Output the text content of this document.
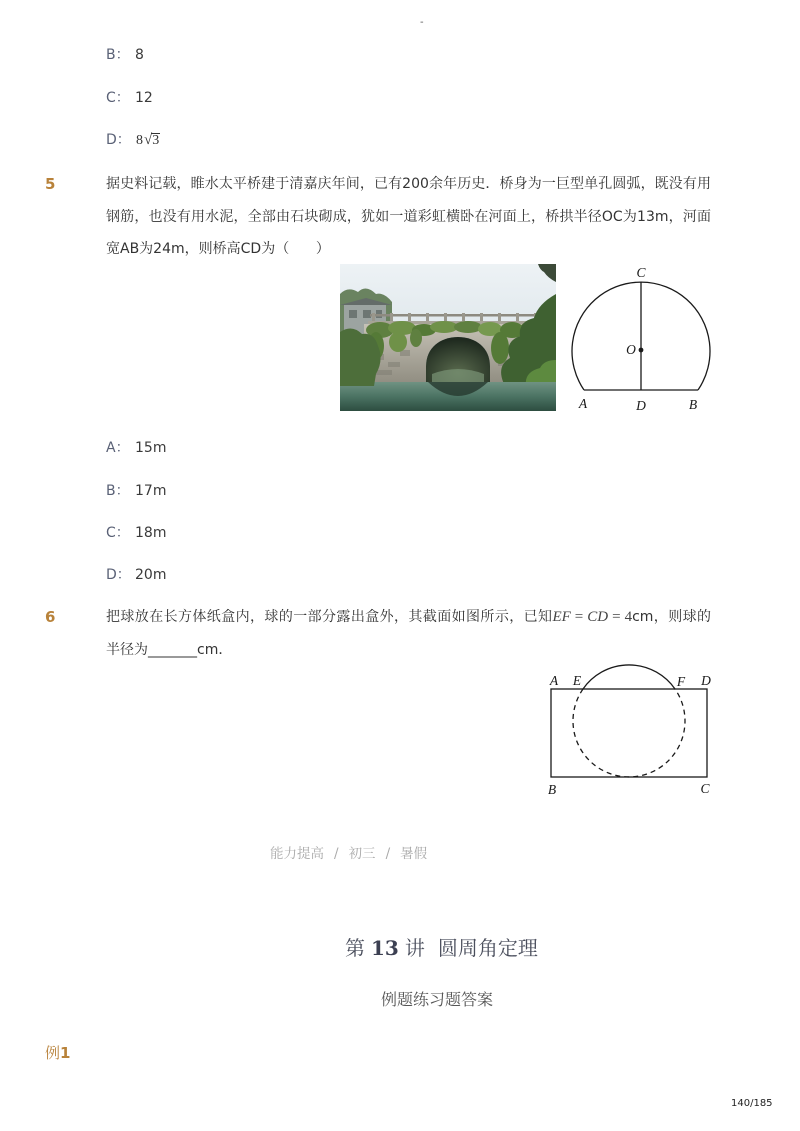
-
B： 8
C： 12
D： 8√3
5	据史料记载，睢水太平桥建于清嘉庆年间，已有200余年历史．桥身为一巨型单孔圆弧，既没有用
钢筋，也没有用水泥，全部由石块砌成，犹如一道彩虹横卧在河面上，桥拱半径OC为13m，河面
宽AB为24m，则桥高CD为（      ）
C
O
A	D	B
A： 15m
B： 17m
C： 18m
D： 20m
6	把球放在长方体纸盒内，球的一部分露出盒外，其截面如图所示，已知EF = CD = 4cm，则球的
半径为_______cm．
A E	F D
B	C
能力提高 / 初三 / 暑假
第 13 讲 圆周角定理
例题练习题答案
例1
140/185
